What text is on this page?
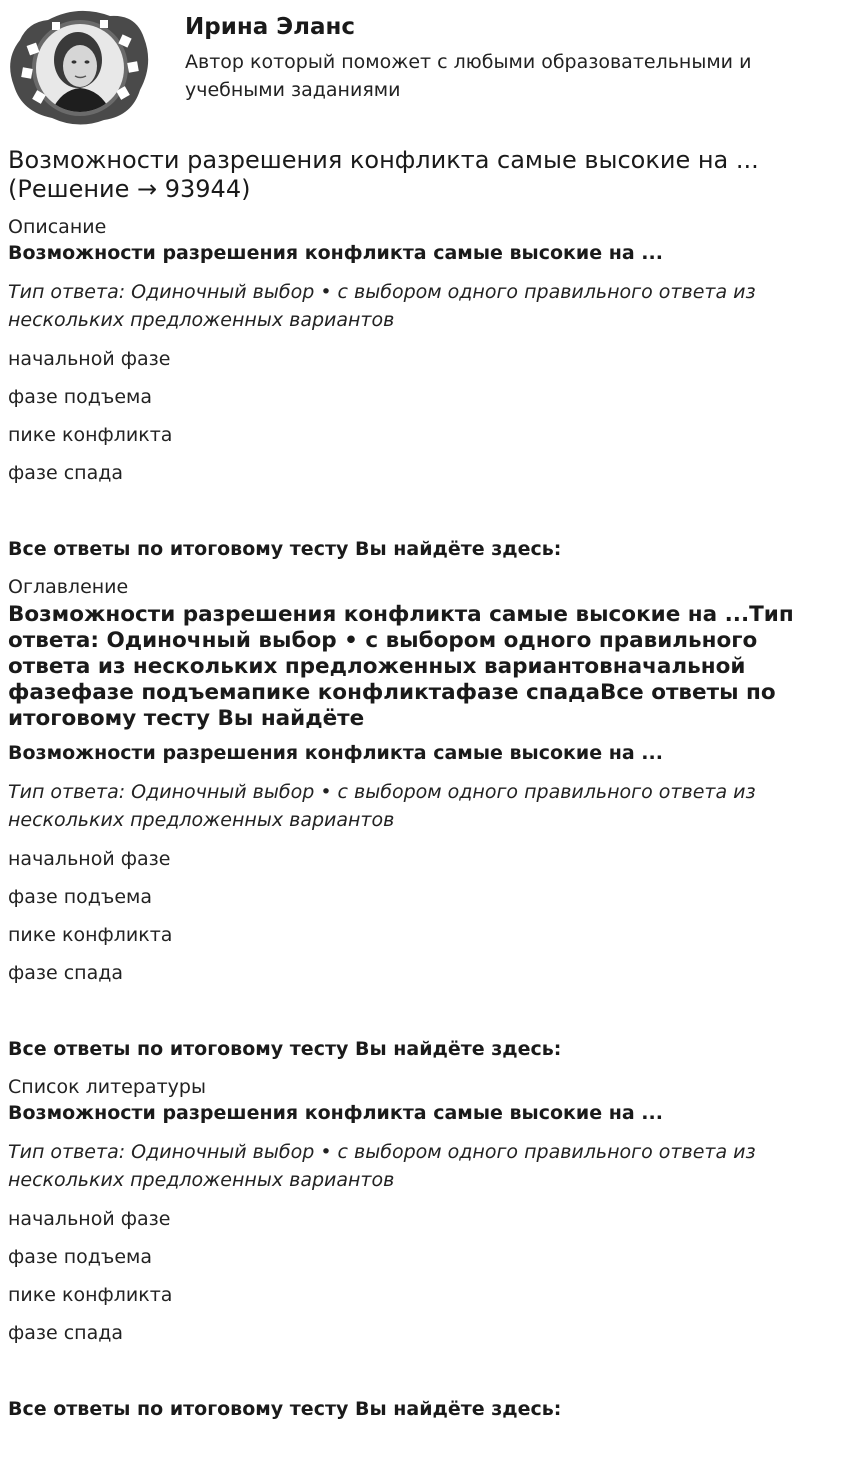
Ирина Эланс

Автор который поможет с любыми образовательными и учебными заданиями

Возможности разрешения конфликта самые высокие на ... (Решение → 93944)

Описание

Возможности разрешения конфликта самые высокие на ...

Тип ответа: Одиночный выбор • с выбором одного правильного ответа из нескольких предложенных вариантов

начальной фазе

фазе подъема

пике конфликта

фазе спада

Все ответы по итоговому тесту Вы найдёте здесь:

Оглавление

Возможности разрешения конфликта самые высокие на ...Тип ответа: Одиночный выбор • с выбором одного правильного ответа из нескольких предложенных вариантовначальной фазефазе подъемапике конфликтафазе спадаВсе ответы по итоговому тесту Вы найдёте

Возможности разрешения конфликта самые высокие на ...

Тип ответа: Одиночный выбор • с выбором одного правильного ответа из нескольких предложенных вариантов

начальной фазе

фазе подъема

пике конфликта

фазе спада

Все ответы по итоговому тесту Вы найдёте здесь:

Список литературы

Возможности разрешения конфликта самые высокие на ...

Тип ответа: Одиночный выбор • с выбором одного правильного ответа из нескольких предложенных вариантов

начальной фазе

фазе подъема

пике конфликта

фазе спада

Все ответы по итоговому тесту Вы найдёте здесь:
